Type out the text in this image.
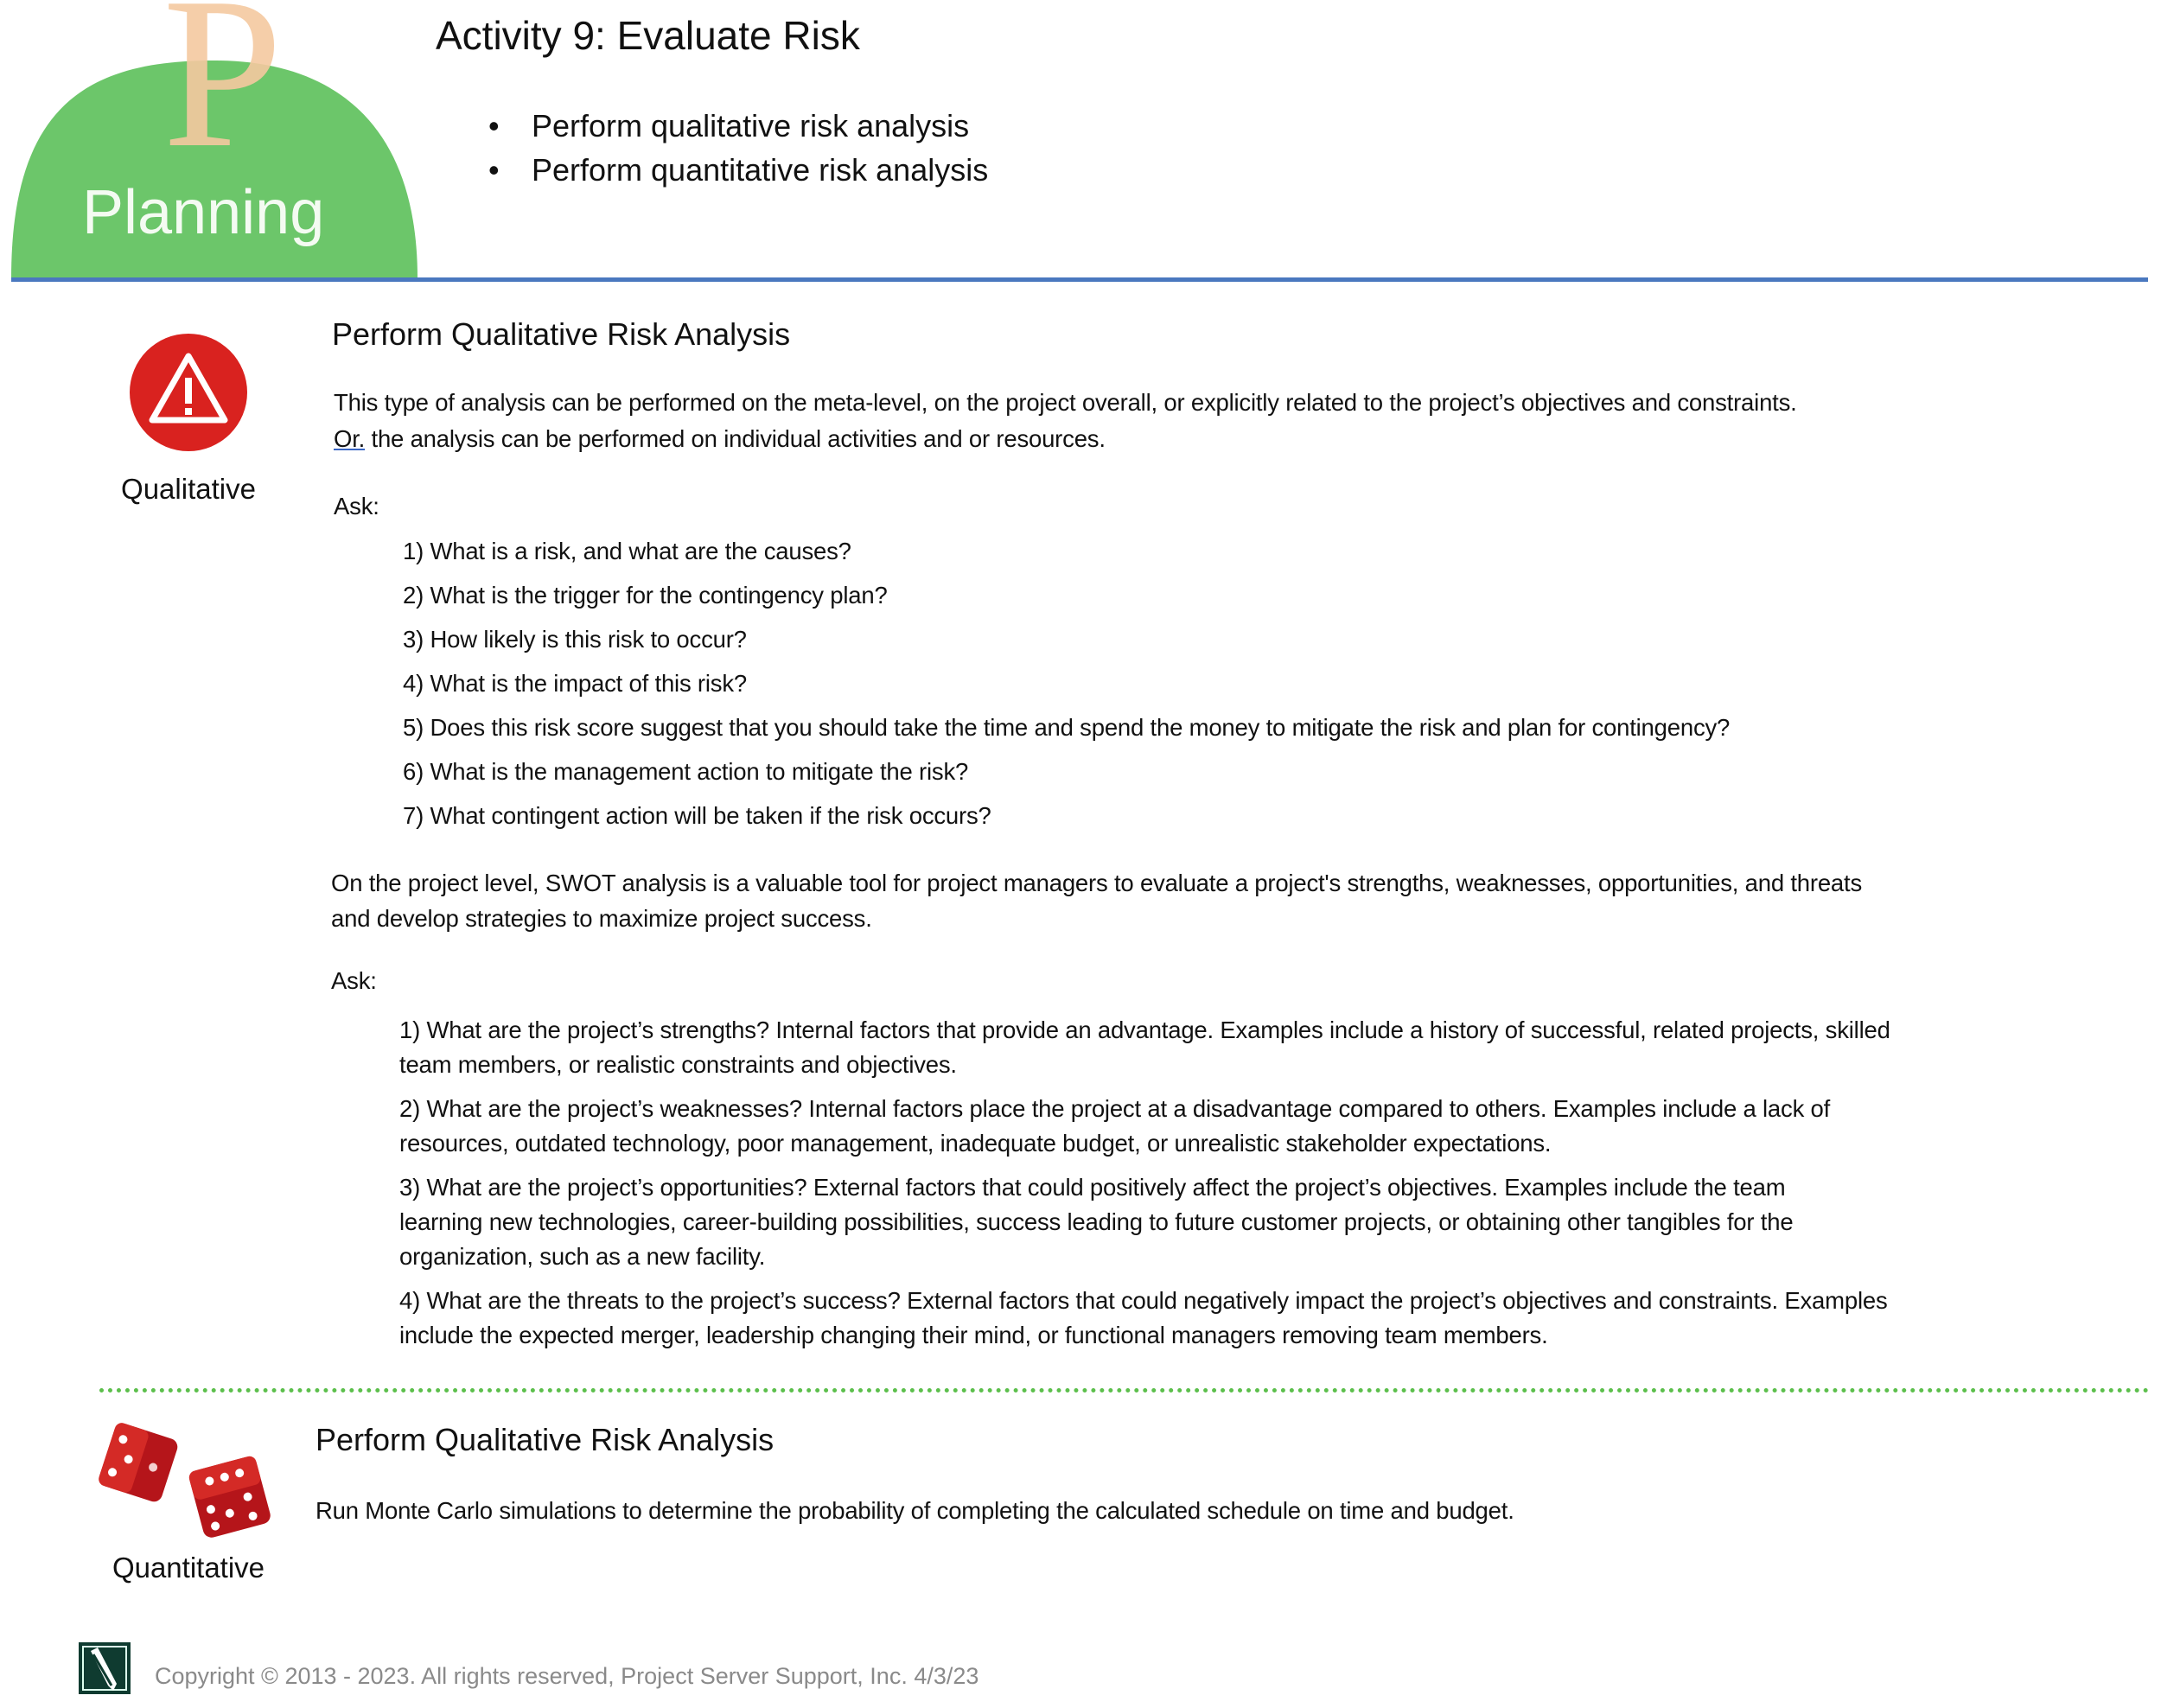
P
Planning
Activity 9: Evaluate Risk
• Perform qualitative risk analysis
• Perform quantitative risk analysis
Qualitative
Perform Qualitative Risk Analysis
This type of analysis can be performed on the meta-level, on the project overall, or explicitly related to the project’s objectives and constraints.
Or. the analysis can be performed on individual activities and or resources.
Ask:
1) What is a risk, and what are the causes?
2) What is the trigger for the contingency plan?
3) How likely is this risk to occur?
4) What is the impact of this risk?
5) Does this risk score suggest that you should take the time and spend the money to mitigate the risk and plan for contingency?
6) What is the management action to mitigate the risk?
7) What contingent action will be taken if the risk occurs?
On the project level, SWOT analysis is a valuable tool for project managers to evaluate a project's strengths, weaknesses, opportunities, and threats
and develop strategies to maximize project success.
Ask:
1) What are the project’s strengths? Internal factors that provide an advantage. Examples include a history of successful, related projects, skilled
team members, or realistic constraints and objectives.
2) What are the project’s weaknesses? Internal factors place the project at a disadvantage compared to others. Examples include a lack of
resources, outdated technology, poor management, inadequate budget, or unrealistic stakeholder expectations.
3) What are the project’s opportunities? External factors that could positively affect the project’s objectives. Examples include the team
learning new technologies, career-building possibilities, success leading to future customer projects, or obtaining other tangibles for the
organization, such as a new facility.
4) What are the threats to the project’s success? External factors that could negatively impact the project’s objectives and constraints. Examples
include the expected merger, leadership changing their mind, or functional managers removing team members.
Quantitative
Perform Qualitative Risk Analysis
Run Monte Carlo simulations to determine the probability of completing the calculated schedule on time and budget.
Copyright © 2013 - 2023. All rights reserved, Project Server Support, Inc. 4/3/23
